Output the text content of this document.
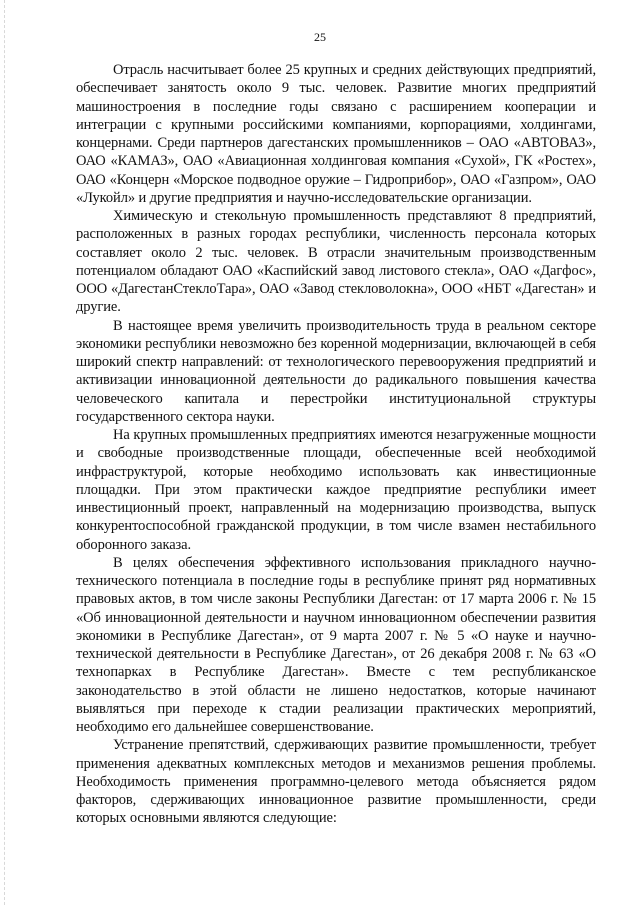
25

Отрасль насчитывает более 25 крупных и средних действующих предприятий, обеспечивает занятость около 9 тыс. человек. Развитие многих предприятий машиностроения в последние годы связано с расширением кооперации и интеграции с крупными российскими компаниями, корпорациями, холдингами, концернами. Среди партнеров дагестанских промышленников – ОАО «АВТОВАЗ», ОАО «КАМАЗ», ОАО «Авиационная холдинговая компания «Сухой», ГК «Ростех», ОАО «Концерн «Морское подводное оружие – Гидроприбор», ОАО «Газпром», ОАО «Лукойл» и другие предприятия и научно-исследовательские организации.

Химическую и стекольную промышленность представляют 8 предприятий, расположенных в разных городах республики, численность персонала которых составляет около 2 тыс. человек. В отрасли значительным производственным потенциалом обладают ОАО «Каспийский завод листового стекла», ОАО «Дагфос», ООО «ДагестанСтеклоТара», ОАО «Завод стекловолокна», ООО «НБТ «Дагестан» и другие.

В настоящее время увеличить производительность труда в реальном секторе экономики республики невозможно без коренной модернизации, включающей в себя широкий спектр направлений: от технологического перевооружения предприятий и активизации инновационной деятельности до радикального повышения качества человеческого капитала и перестройки институциональной структуры государственного сектора науки.

На крупных промышленных предприятиях имеются незагруженные мощности и свободные производственные площади, обеспеченные всей необходимой инфраструктурой, которые необходимо использовать как инвестиционные площадки. При этом практически каждое предприятие республики имеет инвестиционный проект, направленный на модернизацию производства, выпуск конкурентоспособной гражданской продукции, в том числе взамен нестабильного оборонного заказа.

В целях обеспечения эффективного использования прикладного научно-технического потенциала в последние годы в республике принят ряд нормативных правовых актов, в том числе законы Республики Дагестан: от 17 марта 2006 г. № 15 «Об инновационной деятельности и научном инновационном обеспечении развития экономики в Республике Дагестан», от 9 марта 2007 г. № 5 «О науке и научно-технической деятельности в Республике Дагестан», от 26 декабря 2008 г. № 63 «О технопарках в Республике Дагестан». Вместе с тем республиканское законодательство в этой области не лишено недостатков, которые начинают выявляться при переходе к стадии реализации практических мероприятий, необходимо его дальнейшее совершенствование.

Устранение препятствий, сдерживающих развитие промышленности, требует применения адекватных комплексных методов и механизмов решения проблемы. Необходимость применения программно-целевого метода объясняется рядом факторов, сдерживающих инновационное развитие промышленности, среди которых основными являются следующие:
